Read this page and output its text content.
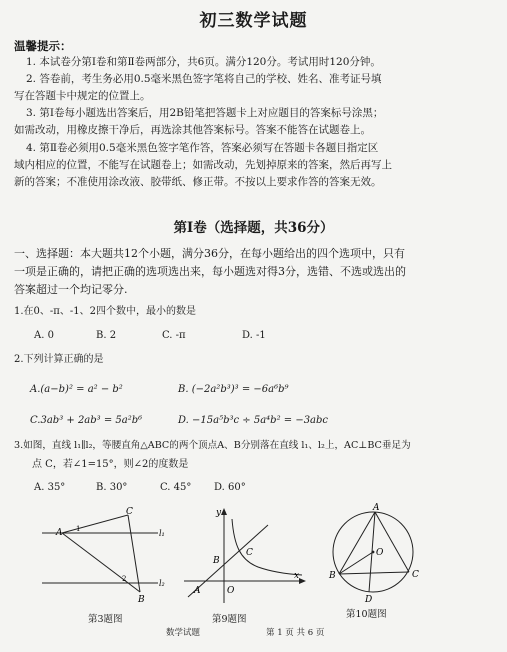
初三数学试题
温馨提示：
1. 本试卷分第Ⅰ卷和第Ⅱ卷两部分，共6页。满分120分。考试用时120分钟。
2. 答卷前，考生务必用0.5毫米黑色签字笔将自己的学校、姓名、准考证号填
写在答题卡中规定的位置上。
3. 第Ⅰ卷每小题选出答案后，用2B铅笔把答题卡上对应题目的答案标号涂黑；
如需改动，用橡皮擦干净后，再选涂其他答案标号。答案不能答在试题卷上。
4. 第Ⅱ卷必须用0.5毫米黑色签字笔作答，答案必须写在答题卡各题目指定区
域内相应的位置，不能写在试题卷上；如需改动，先划掉原来的答案，然后再写上
新的答案；不准使用涂改液、胶带纸、修正带。不按以上要求作答的答案无效。
第Ⅰ卷（选择题，共36分）
一、选择题：本大题共12个小题，满分36分，在每小题给出的四个选项中，只有
一项是正确的，请把正确的选项选出来，每小题选对得3分，选错、不选或选出的
答案超过一个均记零分.
1.在0、-π、-1、2四个数中，最小的数是
A. 0	B. 2	C. -π	D. -1
2.下列计算正确的是
A.(a−b)² = a² − b²	B. (−2a²b³)³ = −6a⁶b⁹
C.3ab³ + 2ab³ = 5a²b⁶	D. −15a⁵b³c ÷ 5a⁴b² = −3abc
3.如图，直线 l₁∥l₂，等腰直角△ABC的两个顶点A、B分别落在直线 l₁、l₂上，AC⊥BC垂足为
点 C，若∠1=15°，则∠2的度数是
A. 35°	B. 30°	C. 45° D. 60°
A
C
B
l₁
l₂
1
2
第3题图
y
x
A
B
C
O
第9题图
A
B	C
D
O
第10题图
数学试题	第 1 页 共 6 页
